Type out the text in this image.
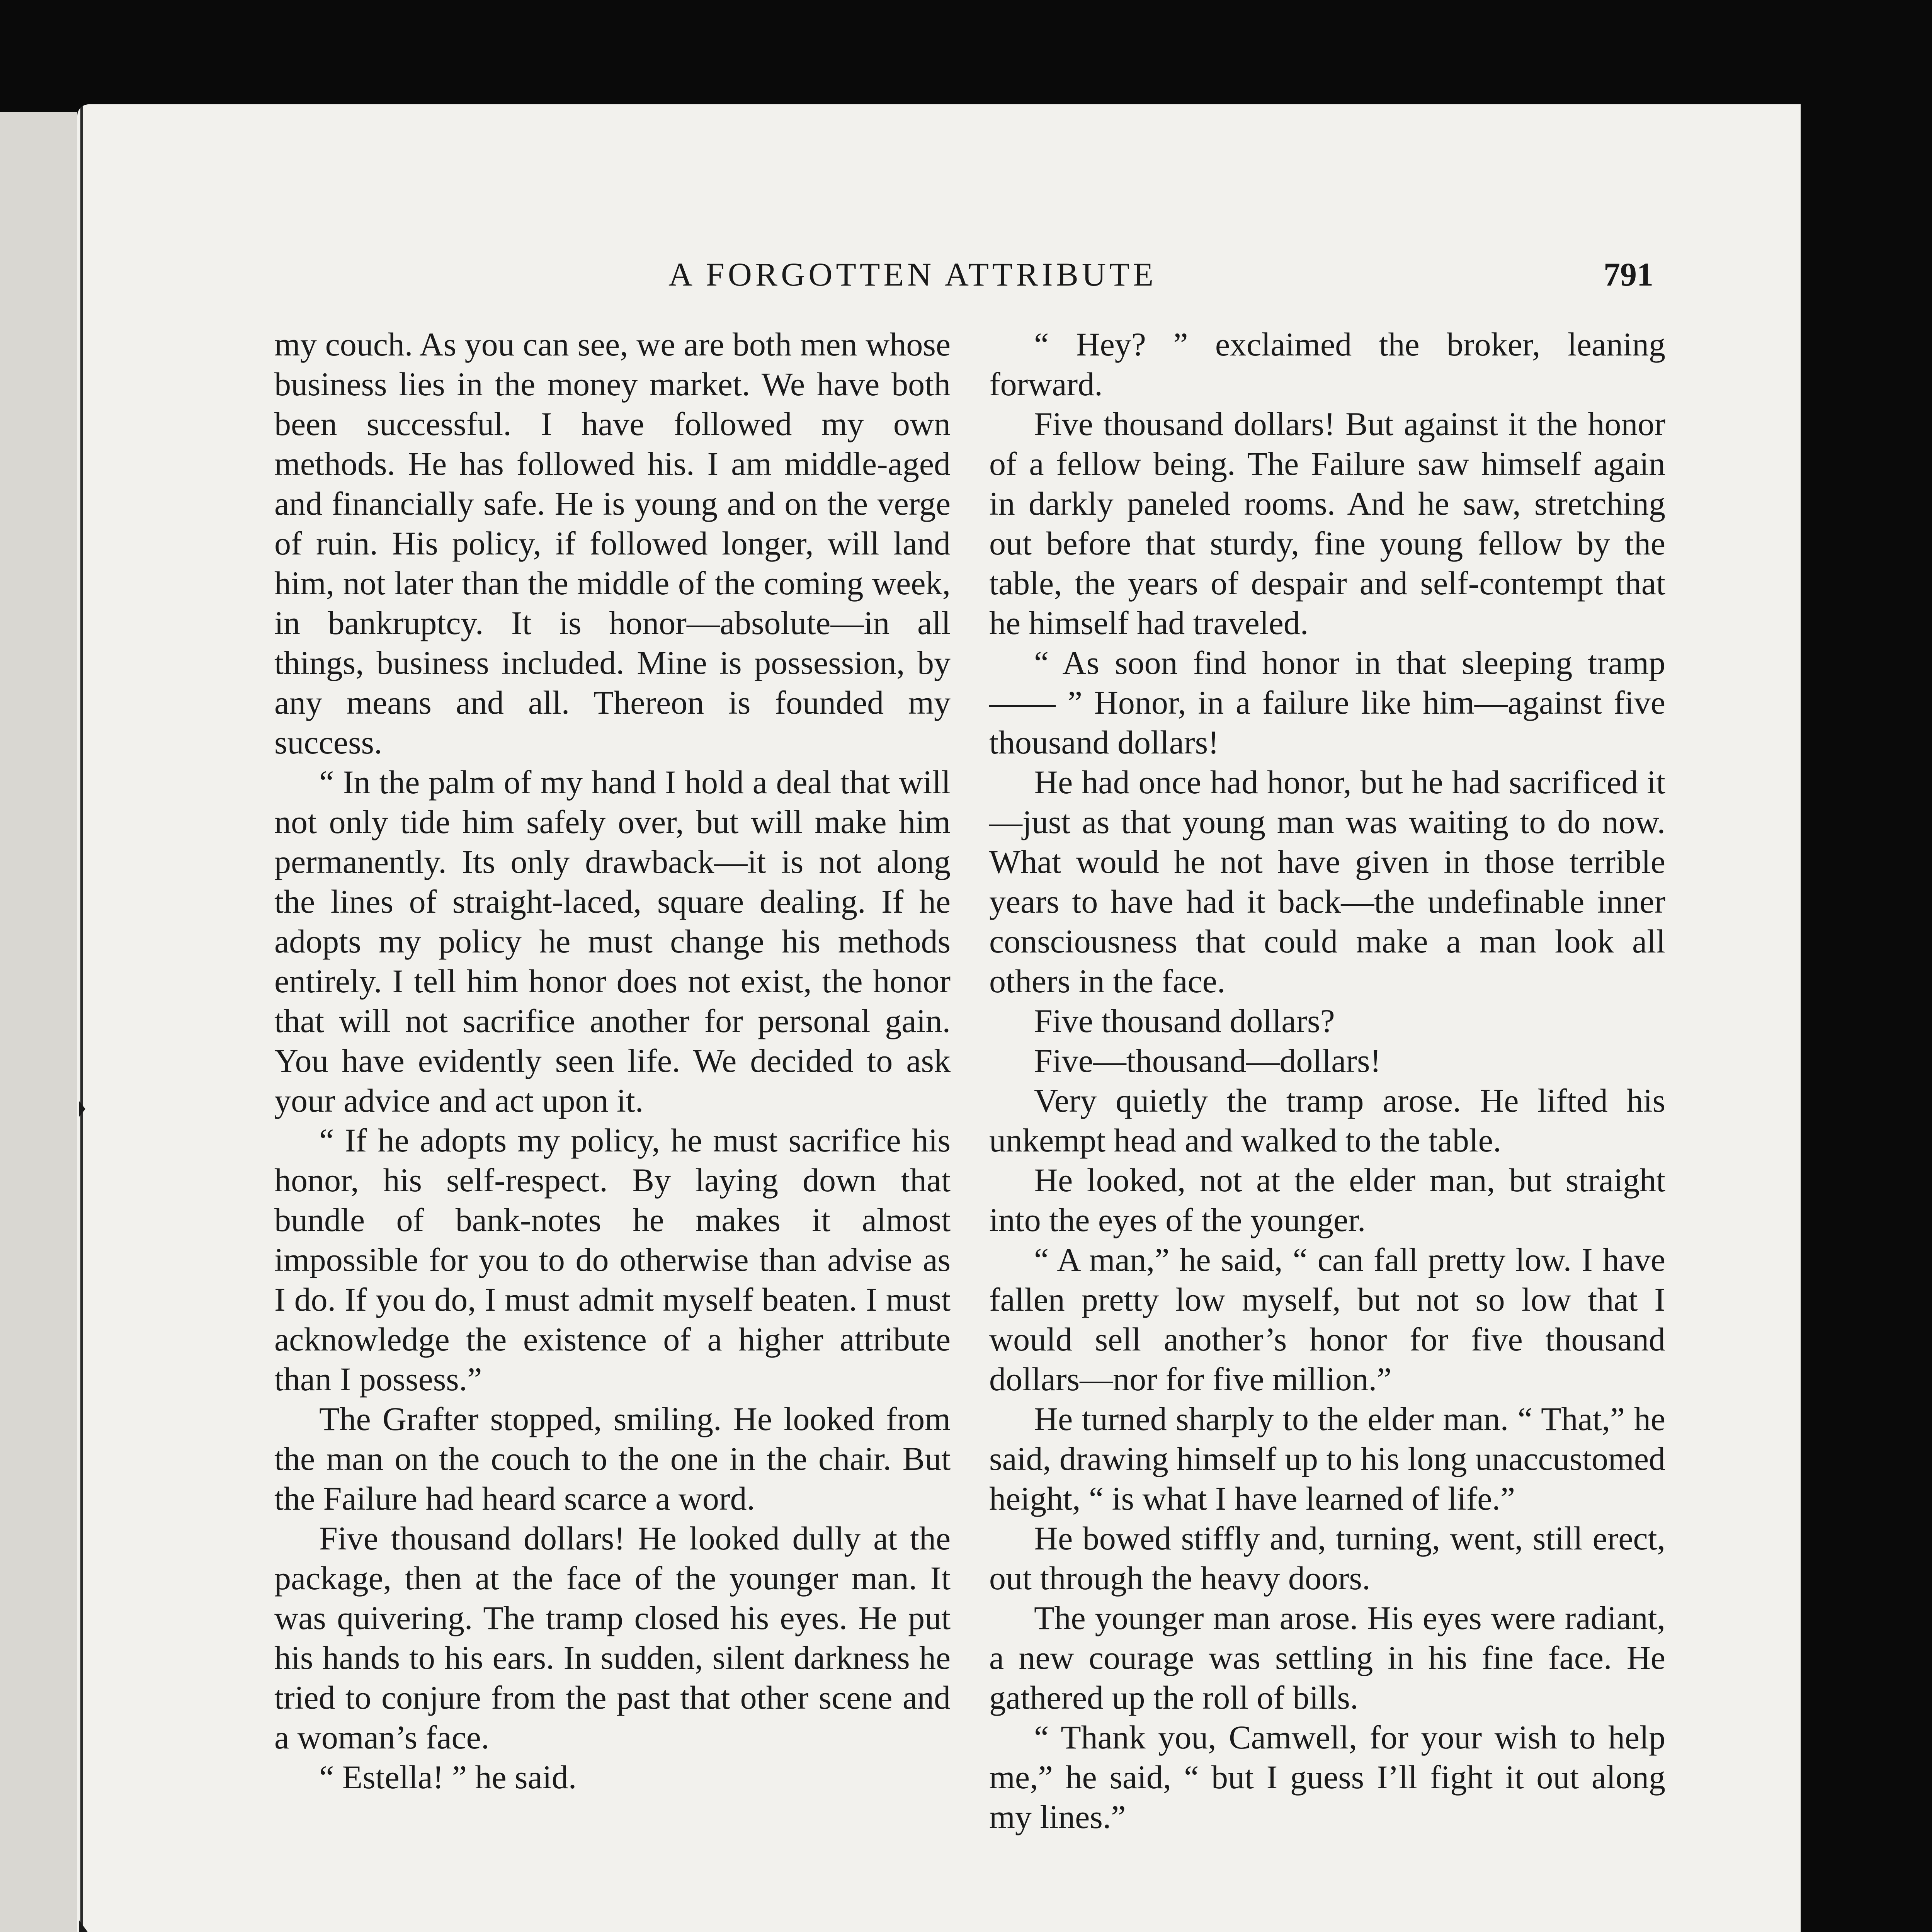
A FORGOTTEN ATTRIBUTE	791

my couch. As you can see, we are both men whose business lies in the money market. We have both been successful. I have followed my own methods. He has followed his. I am middle-aged and financially safe. He is young and on the verge of ruin. His policy, if followed longer, will land him, not later than the middle of the coming week, in bankruptcy. It is honor—absolute—in all things, business included. Mine is possession, by any means and all. Thereon is founded my success.

“ In the palm of my hand I hold a deal that will not only tide him safely over, but will make him permanently. Its only drawback—it is not along the lines of straight-laced, square dealing. If he adopts my policy he must change his methods entirely. I tell him honor does not exist, the honor that will not sacrifice another for personal gain. You have evidently seen life. We decided to ask your advice and act upon it.

“ If he adopts my policy, he must sacrifice his honor, his self-respect. By laying down that bundle of bank-notes he makes it almost impossible for you to do otherwise than advise as I do. If you do, I must admit myself beaten. I must acknowledge the existence of a higher attribute than I possess.”

The Grafter stopped, smiling. He looked from the man on the couch to the one in the chair. But the Failure had heard scarce a word.

Five thousand dollars! He looked dully at the package, then at the face of the younger man. It was quivering. The tramp closed his eyes. He put his hands to his ears. In sudden, silent darkness he tried to conjure from the past that other scene and a woman’s face.

“ Estella! ” he said.

“ Hey? ” exclaimed the broker, leaning forward.

Five thousand dollars! But against it the honor of a fellow being. The Failure saw himself again in darkly paneled rooms. And he saw, stretching out before that sturdy, fine young fellow by the table, the years of despair and self-contempt that he himself had traveled.

“ As soon find honor in that sleeping tramp—— ” Honor, in a failure like him—against five thousand dollars!

He had once had honor, but he had sacrificed it—just as that young man was waiting to do now. What would he not have given in those terrible years to have had it back—the undefinable inner consciousness that could make a man look all others in the face.

Five thousand dollars?

Five—thousand—dollars!

Very quietly the tramp arose. He lifted his unkempt head and walked to the table.

He looked, not at the elder man, but straight into the eyes of the younger.

“ A man,” he said, “ can fall pretty low. I have fallen pretty low myself, but not so low that I would sell another’s honor for five thousand dollars—nor for five million.”

He turned sharply to the elder man. “ That,” he said, drawing himself up to his long unaccustomed height, “ is what I have learned of life.”

He bowed stiffly and, turning, went, still erect, out through the heavy doors.

The younger man arose. His eyes were radiant, a new courage was settling in his fine face. He gathered up the roll of bills.

“ Thank you, Camwell, for your wish to help me,” he said, “ but I guess I’ll fight it out along my lines.”
